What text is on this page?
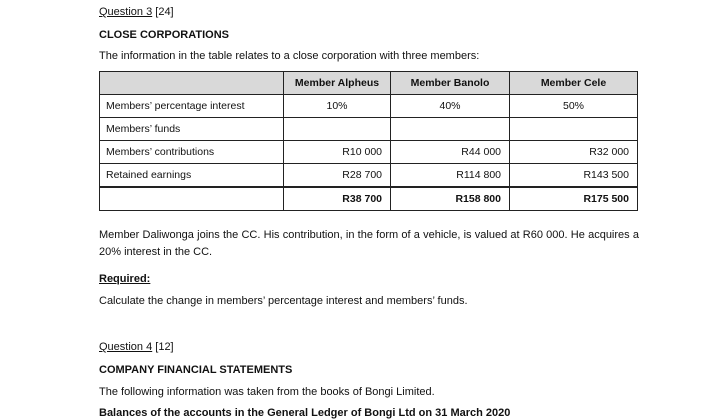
Question 3 [24]
CLOSE CORPORATIONS
The information in the table relates to a close corporation with three members:
	Member Alpheus	Member Banolo	Member Cele
Members’ percentage interest	10%	40%	50%
Members’ funds			
Members’ contributions	R10 000	R44 000	R32 000
Retained earnings	R28 700	R114 800	R143 500
	R38 700	R158 800	R175 500
Member Daliwonga joins the CC. His contribution, in the form of a vehicle, is valued at R60 000. He acquires a 20% interest in the CC.
Required:
Calculate the change in members’ percentage interest and members’ funds.
Question 4 [12]
COMPANY FINANCIAL STATEMENTS
The following information was taken from the books of Bongi Limited.
Balances of the accounts in the General Ledger of Bongi Ltd on 31 March 2020
